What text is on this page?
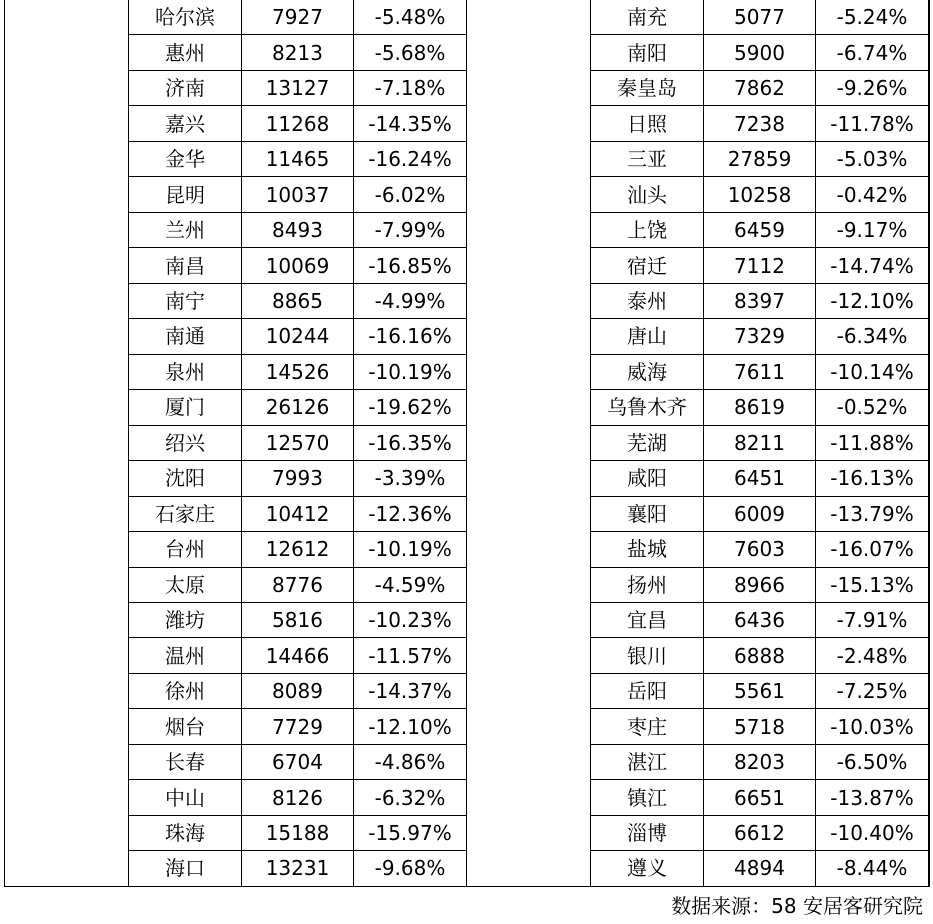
哈尔滨	7927	-5.48%
惠州	8213	-5.68%
济南	13127	-7.18%
嘉兴	11268	-14.35%
金华	11465	-16.24%
昆明	10037	-6.02%
兰州	8493	-7.99%
南昌	10069	-16.85%
南宁	8865	-4.99%
南通	10244	-16.16%
泉州	14526	-10.19%
厦门	26126	-19.62%
绍兴	12570	-16.35%
沈阳	7993	-3.39%
石家庄	10412	-12.36%
台州	12612	-10.19%
太原	8776	-4.59%
潍坊	5816	-10.23%
温州	14466	-11.57%
徐州	8089	-14.37%
烟台	7729	-12.10%
长春	6704	-4.86%
中山	8126	-6.32%
珠海	15188	-15.97%
海口	13231	-9.68%
南充	5077	-5.24%
南阳	5900	-6.74%
秦皇岛	7862	-9.26%
日照	7238	-11.78%
三亚	27859	-5.03%
汕头	10258	-0.42%
上饶	6459	-9.17%
宿迁	7112	-14.74%
泰州	8397	-12.10%
唐山	7329	-6.34%
威海	7611	-10.14%
乌鲁木齐	8619	-0.52%
芜湖	8211	-11.88%
咸阳	6451	-16.13%
襄阳	6009	-13.79%
盐城	7603	-16.07%
扬州	8966	-15.13%
宜昌	6436	-7.91%
银川	6888	-2.48%
岳阳	5561	-7.25%
枣庄	5718	-10.03%
湛江	8203	-6.50%
镇江	6651	-13.87%
淄博	6612	-10.40%
遵义	4894	-8.44%
数据来源：58 安居客研究院
